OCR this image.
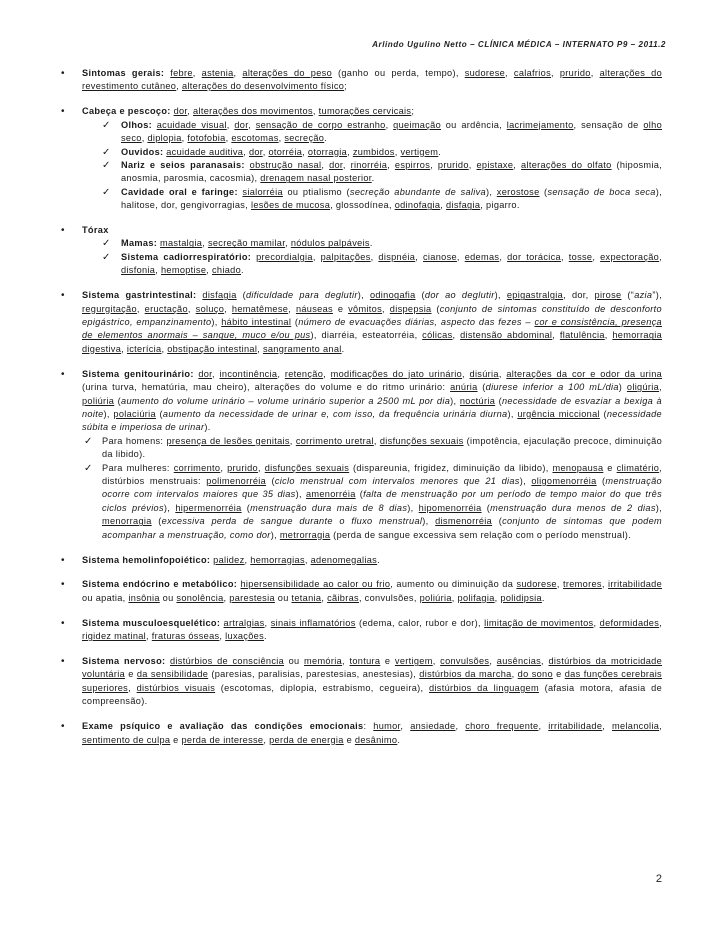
Arlindo Ugulino Netto – CLÍNICA MÉDICA – INTERNATO P9 – 2011.2
• Sintomas gerais: febre, astenia, alterações do peso (ganho ou perda, tempo), sudorese, calafrios, prurido, alterações do revestimento cutâneo, alterações do desenvolvimento físico;
• Cabeça e pescoço: dor, alterações dos movimentos, tumorações cervicais;
✓ Olhos: acuidade visual, dor, sensação de corpo estranho, queimação ou ardência, lacrimejamento, sensação de olho seco, diplopia, fotofobia, escotomas, secreção.
✓ Ouvidos: acuidade auditiva, dor, otorréia, otorragia, zumbidos, vertigem.
✓ Nariz e seios paranasais: obstrução nasal, dor, rinorréia, espirros, prurido, epistaxe, alterações do olfato (hiposmia, anosmia, parosmia, cacosmia), drenagem nasal posterior.
✓ Cavidade oral e faringe: sialorréia ou ptialismo (secreção abundante de saliva), xerostose (sensação de boca seca), halitose, dor, gengivorragias, lesões de mucosa, glossodínea, odinofagia, disfagia, pigarro.
• Tórax
✓ Mamas: mastalgia, secreção mamilar, nódulos palpáveis.
✓ Sistema cadiorrespiratório: precordialgia, palpitações, dispnéia, cianose, edemas, dor torácica, tosse, expectoração, disfonia, hemoptise, chiado.
• Sistema gastrintestinal: disfagia (dificuldade para deglutir), odinogafia (dor ao deglutir), epigastralgia, dor, pirose (“azia”), regurgitação, eructação, soluço, hematêmese, náuseas e vômitos, dispepsia (conjunto de sintomas constituído de desconforto epigástrico, empanzinamento), hábito intestinal (número de evacuações diárias, aspecto das fezes – cor e consistência, presença de elementos anormais – sangue, muco e/ou pus), diarréia, esteatorréia, cólicas, distensão abdominal, flatulência, hemorragia digestiva, icterícia, obstipação intestinal, sangramento anal.
• Sistema genitourinário: dor, incontinência, retenção, modificações do jato urinário, disúria, alterações da cor e odor da urina (urina turva, hematúria, mau cheiro), alterações do volume e do ritmo urinário: anúria (diurese inferior a 100 mL/dia) oligúria, poliúria (aumento do volume urinário – volume urinário superior a 2500 mL por dia), noctúria (necessidade de esvaziar a bexiga à noite), polaciúria (aumento da necessidade de urinar e, com isso, da frequência urinária diurna), urgência miccional (necessidade súbita e imperiosa de urinar).
✓ Para homens: presença de lesões genitais, corrimento uretral, disfunções sexuais (impotência, ejaculação precoce, diminuição da libido).
✓ Para mulheres: corrimento, prurido, disfunções sexuais (dispareunia, frigidez, diminuição da libido), menopausa e climatério, distúrbios menstruais: polimenorréia (ciclo menstrual com intervalos menores que 21 dias), oligomenorréia (menstruação ocorre com intervalos maiores que 35 dias), amenorréia (falta de menstruação por um período de tempo maior do que três ciclos prévios), hipermenorréia (menstruação dura mais de 8 dias), hipomenorréia (menstruação dura menos de 2 dias), menorragia (excessiva perda de sangue durante o fluxo menstrual), dismenorréia (conjunto de sintomas que podem acompanhar a menstruação, como dor), metrorragia (perda de sangue excessiva sem relação com o período menstrual).
• Sistema hemolinfopoiético: palidez, hemorragias, adenomegalias.
• Sistema endócrino e metabólico: hipersensibilidade ao calor ou frio, aumento ou diminuição da sudorese, tremores, irritabilidade ou apatia, insônia ou sonolência, parestesia ou tetania, cãibras, convulsões, poliúria, polifagia, polidipsia.
• Sistema musculoesquelético: artralgias, sinais inflamatórios (edema, calor, rubor e dor), limitação de movimentos, deformidades, rigidez matinal, fraturas ósseas, luxações.
• Sistema nervoso: distúrbios de consciência ou memória, tontura e vertigem, convulsões, ausências, distúrbios da motricidade voluntária e da sensibilidade (paresias, paralisias, parestesias, anestesias), distúrbios da marcha, do sono e das funções cerebrais superiores, distúrbios visuais (escotomas, diplopia, estrabismo, cegueira), distúrbios da linguagem (afasia motora, afasia de compreensão).
• Exame psíquico e avaliação das condições emocionais: humor, ansiedade, choro frequente, irritabilidade, melancolia, sentimento de culpa e perda de interesse, perda de energia e desânimo.
2
